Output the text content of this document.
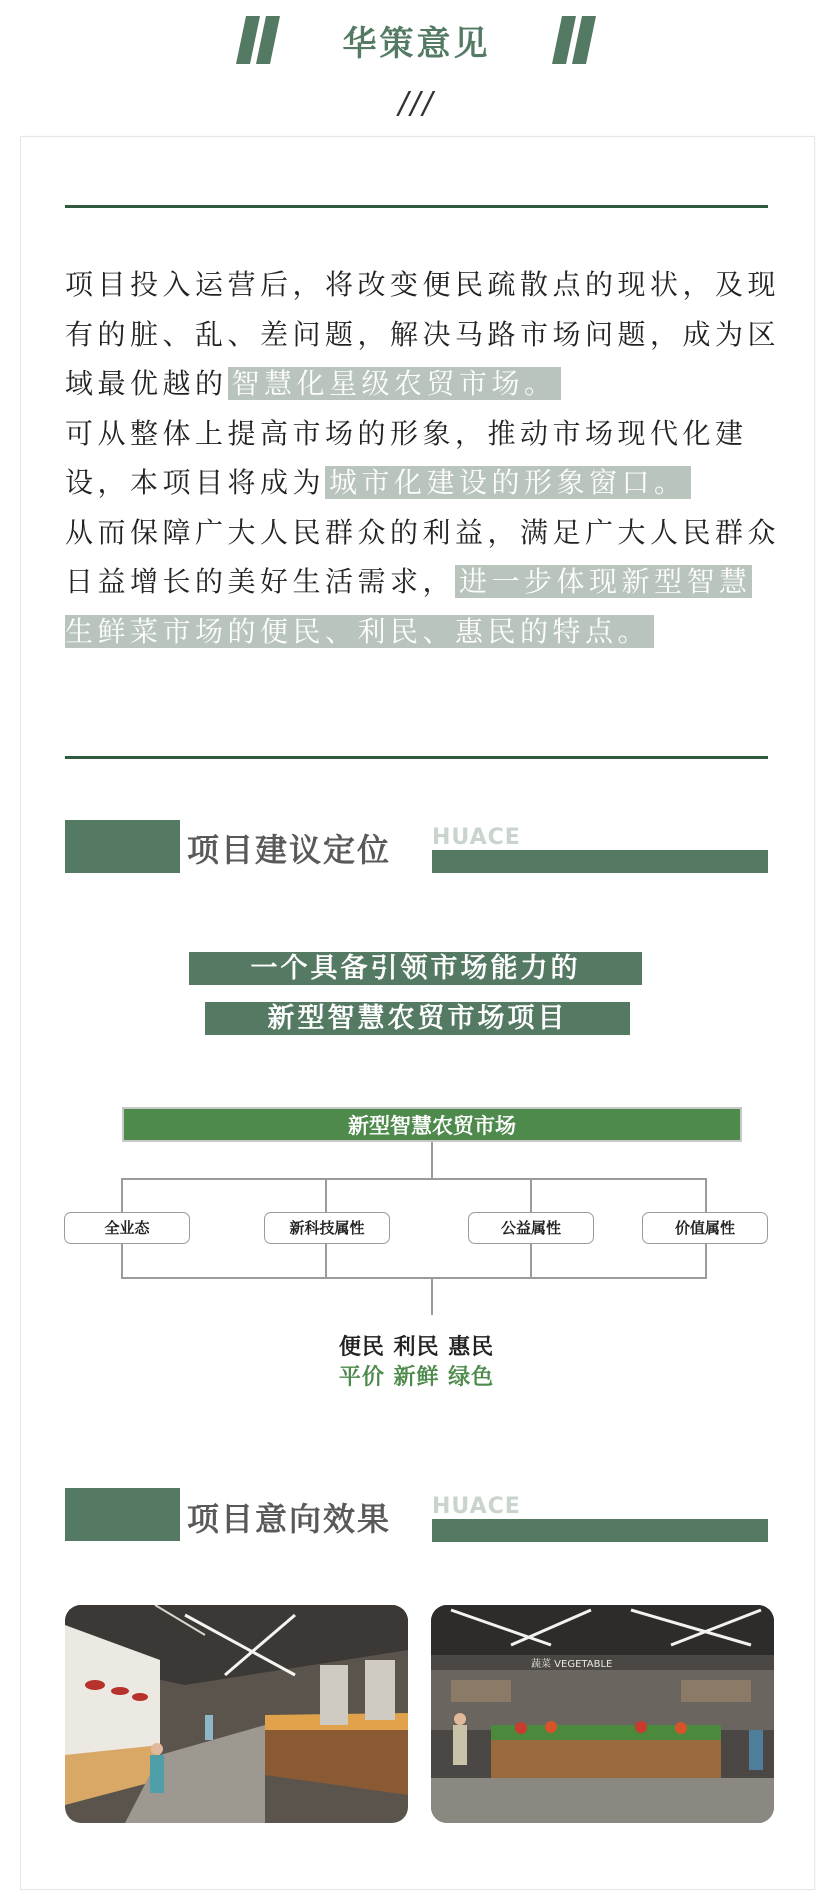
华策意见
///
项目投入运营后，将改变便民疏散点的现状，及现有的脏、乱、差问题，解决马路市场问题，成为区域最优越的 智慧化星级农贸市场。
可从整体上提高市场的形象，推动市场现代化建设，本项目将成为 城市化建设的形象窗口。
从而保障广大人民群众的利益，满足广大人民群众日益增长的美好生活需求， 进一步体现新型智慧生鲜菜市场的便民、利民、惠民的特点。
项目建议定位 HUACE
一个具备引领市场能力的
新型智慧农贸市场项目
新型智慧农贸市场
全业态	新科技属性	公益属性	价值属性
便民 利民 惠民
平价 新鲜 绿色
项目意向效果 HUACE
蔬菜 VEGETABLE
